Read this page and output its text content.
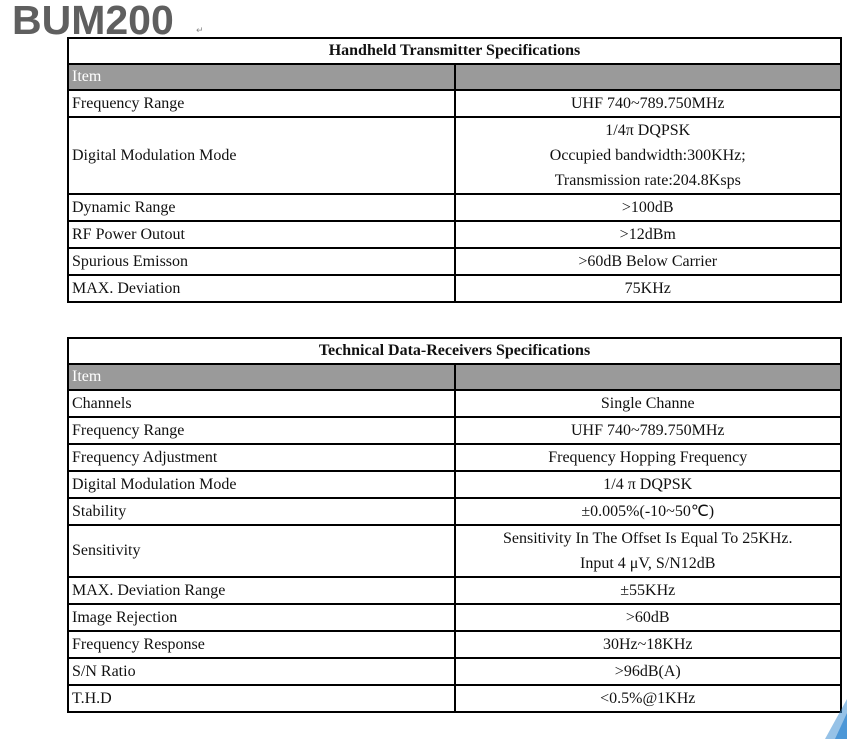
BUM200 ↵
Handheld Transmitter Specifications	
Item	
Frequency Range	UHF 740~789.750MHz

Digital Modulation Mode	1/4π DQPSK
Occupied bandwidth:300KHz;
Transmission rate:204.8Ksps

Dynamic Range	>100dB

RF Power Outout	>12dBm

Spurious Emisson	>60dB Below Carrier

MAX. Deviation	75KHz
Technical Data-Receivers Specifications	
Item	
Channels	Single Channe

Frequency Range	UHF 740~789.750MHz

Frequency Adjustment	Frequency Hopping Frequency

Digital Modulation Mode	1/4 π DQPSK

Stability	±0.005%(-10~50℃)

Sensitivity	Sensitivity In The Offset Is Equal To 25KHz.
Input 4 μV, S/N12dB

MAX. Deviation Range	±55KHz

Image Rejection	>60dB

Frequency Response	30Hz~18KHz

S/N Ratio	>96dB(A)

T.H.D	<0.5%@1KHz
